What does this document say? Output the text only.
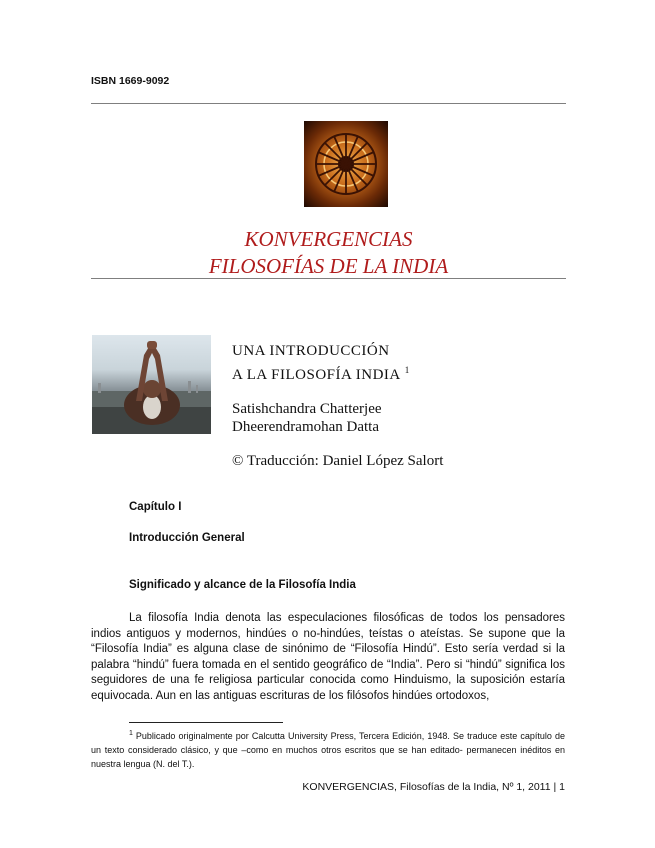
ISBN 1669-9092
KONVERGENCIAS
FILOSOFÍAS DE LA INDIA
UNA INTRODUCCIÓN
A LA FILOSOFÍA INDIA $^1$
Satishchandra Chatterjee
Dheerendramohan Datta
© Traducción: Daniel López Salort
Capítulo I
Introducción General
Significado y alcance de la Filosofía India

La filosofía India denota las especulaciones filosóficas de todos los pensadores indios antiguos y modernos, hindúes o no-hindúes, teístas o ateístas. Se supone que la “Filosofía India” es alguna clase de sinónimo de “Filosofía Hindú”. Esto sería verdad si la palabra “hindú” fuera tomada en el sentido geográfico de “India”. Pero si “hindú” significa los seguidores de una fe religiosa particular conocida como Hinduismo, la suposición estaría equivocada. Aun en las antiguas escrituras de los filósofos hindúes ortodoxos,

$^1$ Publicado originalmente por Calcutta University Press, Tercera Edición, 1948. Se traduce este capítulo de un texto considerado clásico, y que –como en muchos otros escritos que se han editado- permanecen inéditos en nuestra lengua (N. del T.).

KONVERGENCIAS, Filosofías de la India, Nº 1, 2011 | 1
